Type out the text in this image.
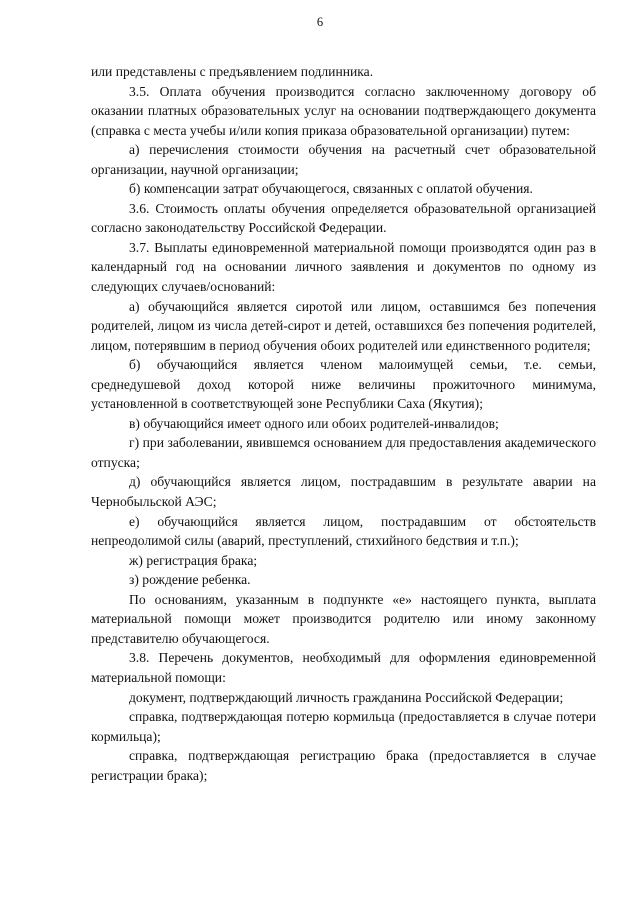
6

или представлены с предъявлением подлинника.

3.5. Оплата обучения производится согласно заключенному договору об оказании платных образовательных услуг на основании подтверждающего документа (справка с места учебы и/или копия приказа образовательной организации) путем:

а) перечисления стоимости обучения на расчетный счет образовательной организации, научной организации;

б) компенсации затрат обучающегося, связанных с оплатой обучения.

3.6. Стоимость оплаты обучения определяется образовательной организацией согласно законодательству Российской Федерации.

3.7. Выплаты единовременной материальной помощи производятся один раз в календарный год на основании личного заявления и документов по одному из следующих случаев/оснований:

а) обучающийся является сиротой или лицом, оставшимся без попечения родителей, лицом из числа детей-сирот и детей, оставшихся без попечения родителей, лицом, потерявшим в период обучения обоих родителей или единственного родителя;

б) обучающийся является членом малоимущей семьи, т.е. семьи, среднедушевой доход которой ниже величины прожиточного минимума, установленной в соответствующей зоне Республики Саха (Якутия);

в) обучающийся имеет одного или обоих родителей-инвалидов;

г) при заболевании, явившемся основанием для предоставления академического отпуска;

д) обучающийся является лицом, пострадавшим в результате аварии на Чернобыльской АЭС;

е) обучающийся является лицом, пострадавшим от обстоятельств непреодолимой силы (аварий, преступлений, стихийного бедствия и т.п.);

ж) регистрация брака;

з) рождение ребенка.

По основаниям, указанным в подпункте «е» настоящего пункта, выплата материальной помощи может производится родителю или иному законному представителю обучающегося.

3.8. Перечень документов, необходимый для оформления единовременной материальной помощи:

документ, подтверждающий личность гражданина Российской Федерации;

справка, подтверждающая потерю кормильца (предоставляется в случае потери кормильца);

справка, подтверждающая регистрацию брака (предоставляется в случае регистрации брака);
